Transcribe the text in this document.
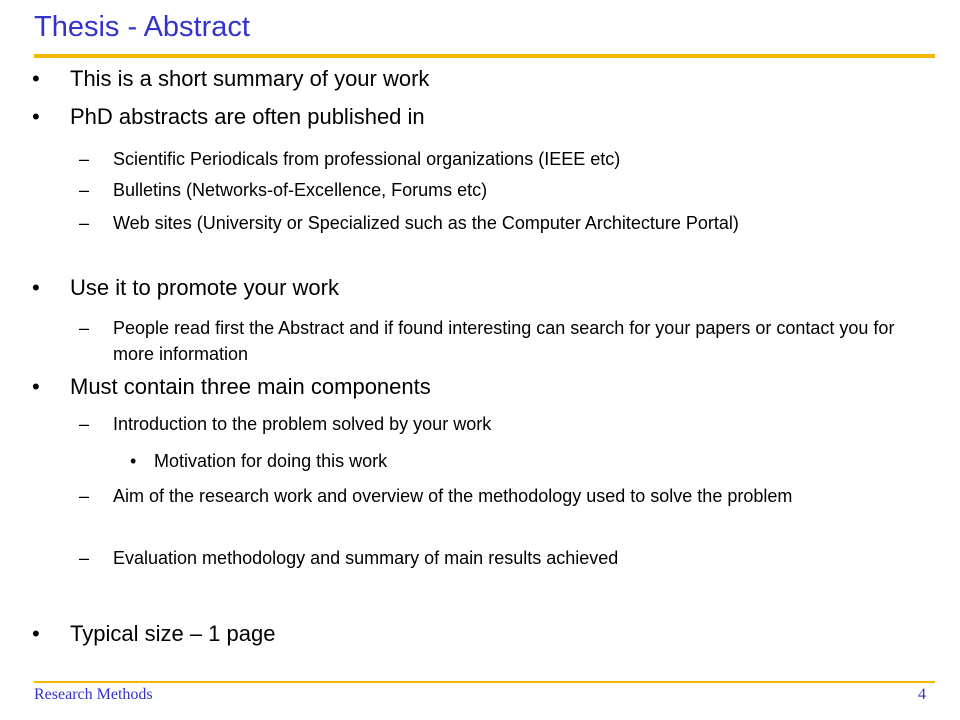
Thesis - Abstract
• This is a short summary of your work
• PhD abstracts are often published in
– Scientific Periodicals from professional organizations (IEEE etc)
– Bulletins (Networks-of-Excellence, Forums etc)
– Web sites (University or Specialized such as the Computer Architecture Portal)
• Use it to promote your work
– People read first the Abstract and if found interesting can search for your papers or contact you for more information
• Must contain three main components
– Introduction to the problem solved by your work
• Motivation for doing this work
– Aim of the research work and overview of the methodology used to solve the problem
– Evaluation methodology and summary of main results achieved
• Typical size – 1 page
Research Methods	4
